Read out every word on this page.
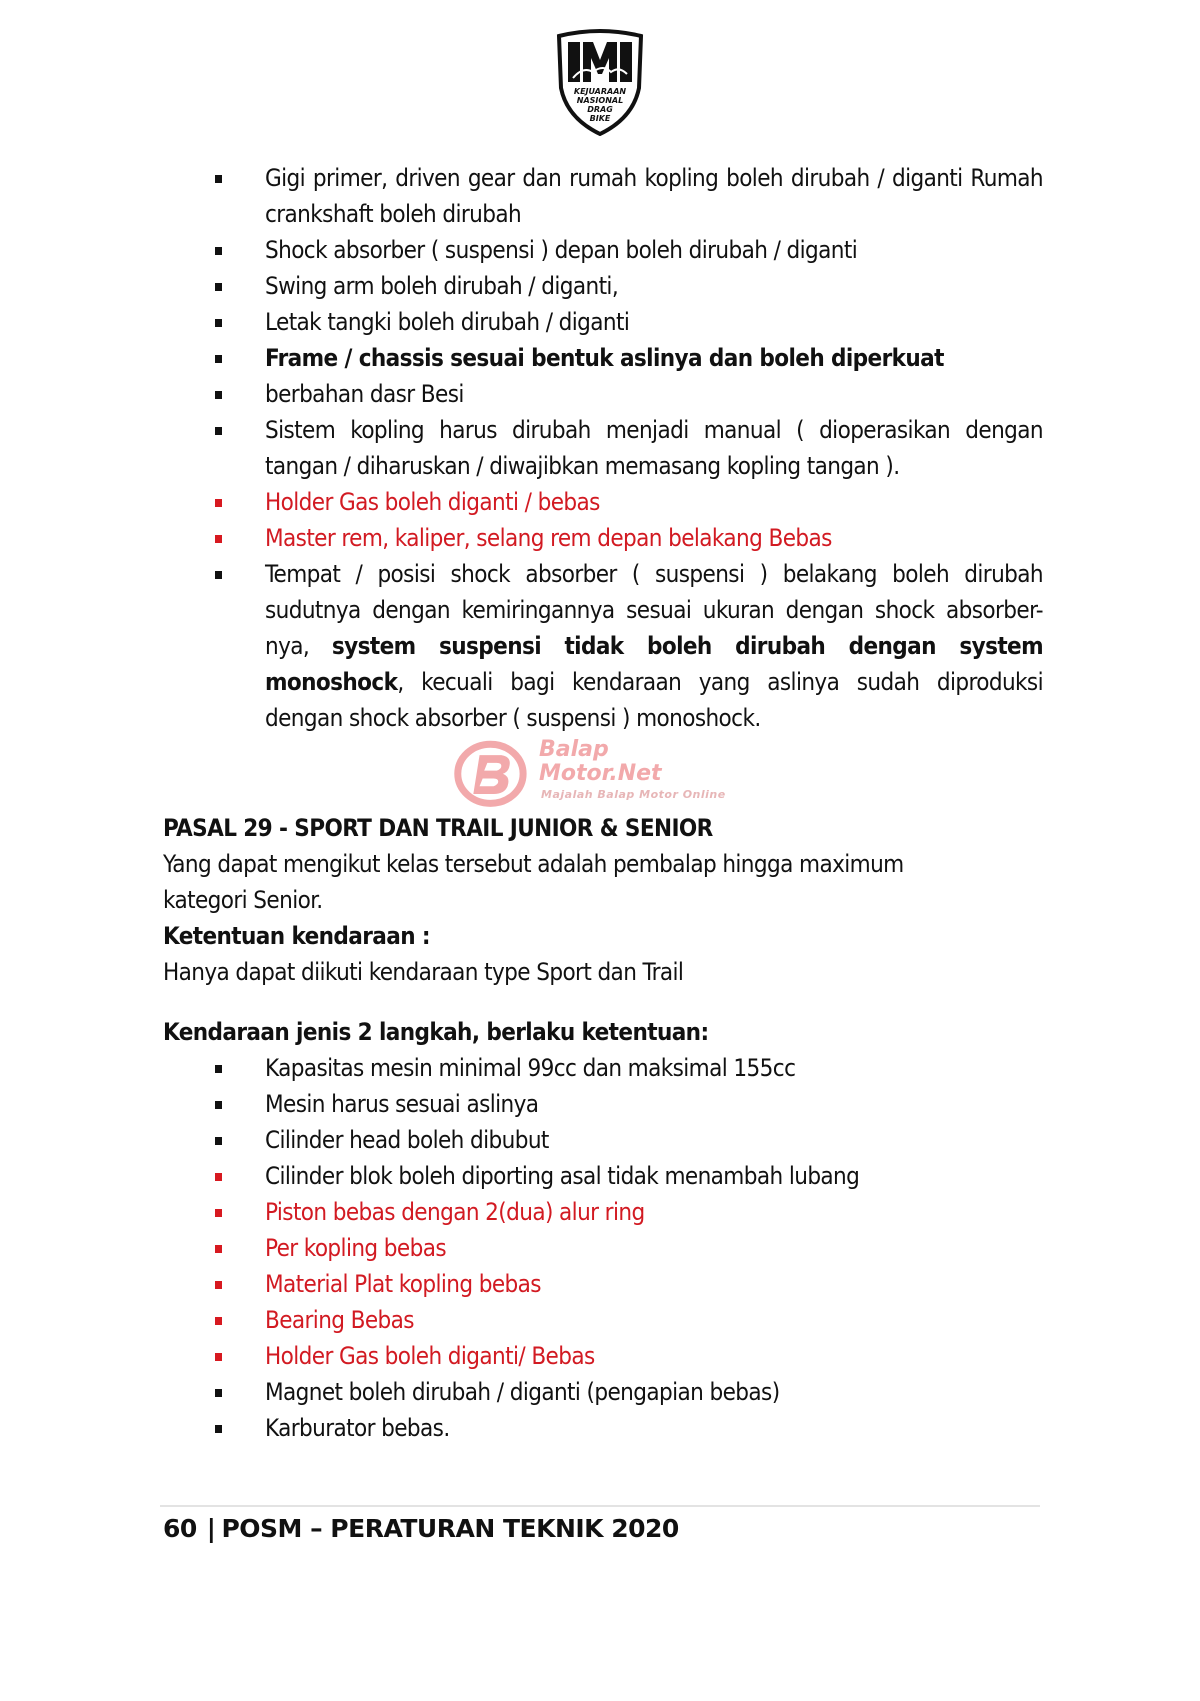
KEJUARAAN
NASIONAL
DRAG
BIKE
Gigi primer, driven gear dan rumah kopling boleh dirubah / diganti Rumah crankshaft boleh dirubah
Shock absorber ( suspensi ) depan boleh dirubah / diganti
Swing arm boleh dirubah / diganti,
Letak tangki boleh dirubah / diganti
Frame / chassis sesuai bentuk aslinya dan boleh diperkuat
berbahan dasr Besi
Sistem kopling harus dirubah menjadi manual ( dioperasikan dengan tangan / diharuskan / diwajibkan memasang kopling tangan ).
Holder Gas boleh diganti / bebas
Master rem, kaliper, selang rem depan belakang Bebas
Tempat / posisi shock absorber ( suspensi ) belakang boleh dirubah sudutnya dengan kemiringannya sesuai ukuran dengan shock absorber- nya, system suspensi tidak boleh dirubah dengan system monoshock, kecuali bagi kendaraan yang aslinya sudah diproduksi dengan shock absorber ( suspensi ) monoshock.
Balap
Motor.Net
Majalah Balap Motor Online
PASAL 29 - SPORT DAN TRAIL JUNIOR & SENIOR
Yang dapat mengikut kelas tersebut adalah pembalap hingga maximum kategori Senior.
Ketentuan kendaraan :
Hanya dapat diikuti kendaraan type Sport dan Trail
Kendaraan jenis 2 langkah, berlaku ketentuan:
Kapasitas mesin minimal 99cc dan maksimal 155cc
Mesin harus sesuai aslinya
Cilinder head boleh dibubut
Cilinder blok boleh diporting asal tidak menambah lubang
Piston bebas dengan 2(dua) alur ring
Per kopling bebas
Material Plat kopling bebas
Bearing Bebas
Holder Gas boleh diganti/ Bebas
Magnet boleh dirubah / diganti (pengapian bebas)
Karburator bebas.
60 | POSM – PERATURAN TEKNIK 2020
